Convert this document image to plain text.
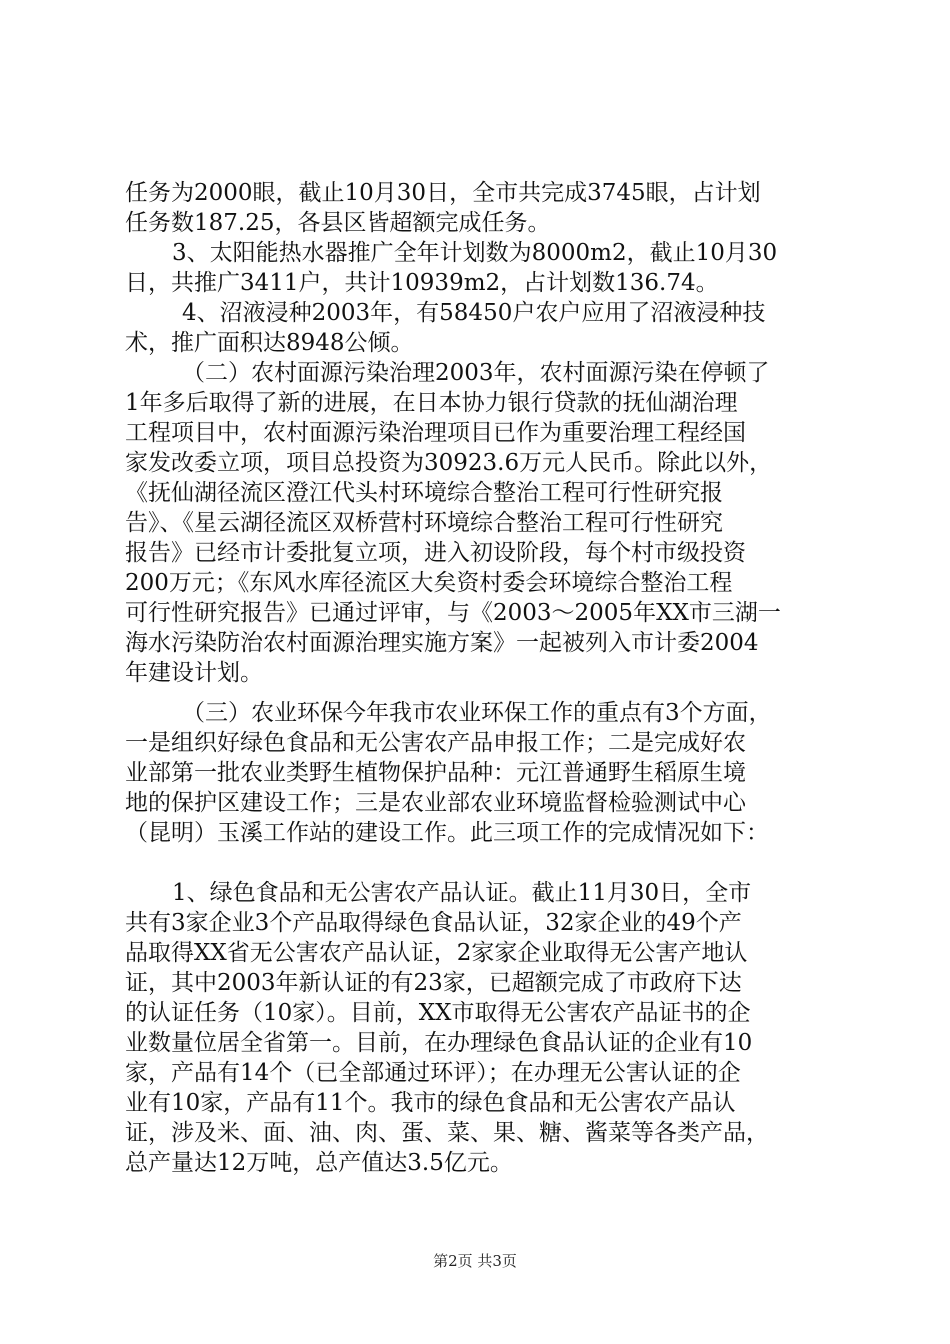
任务为2000眼，截止10月30日，全市共完成3745眼，占计划
任务数187.25，各县区皆超额完成任务。
3、太阳能热水器推广全年计划数为8000m2，截止10月30
日，共推广3411户，共计10939m2，占计划数136.74。
4、沼液浸种2003年，有58450户农户应用了沼液浸种技
术，推广面积达8948公倾。
（二）农村面源污染治理2003年，农村面源污染在停顿了
1年多后取得了新的进展，在日本协力银行贷款的抚仙湖治理
工程项目中，农村面源污染治理项目已作为重要治理工程经国
家发改委立项，项目总投资为30923.6万元人民币。除此以外，
《抚仙湖径流区澄江代头村环境综合整治工程可行性研究报
告》、《星云湖径流区双桥营村环境综合整治工程可行性研究
报告》已经市计委批复立项，进入初设阶段，每个村市级投资
200万元；《东风水库径流区大矣资村委会环境综合整治工程
可行性研究报告》已通过评审，与《2003～2005年XX市三湖一
海水污染防治农村面源治理实施方案》一起被列入市计委2004
年建设计划。
（三）农业环保今年我市农业环保工作的重点有3个方面，
一是组织好绿色食品和无公害农产品申报工作；二是完成好农
业部第一批农业类野生植物保护品种：元江普通野生稻原生境
地的保护区建设工作；三是农业部农业环境监督检验测试中心
（昆明）玉溪工作站的建设工作。此三项工作的完成情况如下：
1、绿色食品和无公害农产品认证。截止11月30日，全市
共有3家企业3个产品取得绿色食品认证，32家企业的49个产
品取得XX省无公害农产品认证，2家家企业取得无公害产地认
证，其中2003年新认证的有23家，已超额完成了市政府下达
的认证任务（10家）。目前，XX市取得无公害农产品证书的企
业数量位居全省第一。目前，在办理绿色食品认证的企业有10
家，产品有14个（已全部通过环评）；在办理无公害认证的企
业有10家，产品有11个。我市的绿色食品和无公害农产品认
证，涉及米、面、油、肉、蛋、菜、果、糖、酱菜等各类产品，
总产量达12万吨，总产值达3.5亿元。
第2页 共3页
